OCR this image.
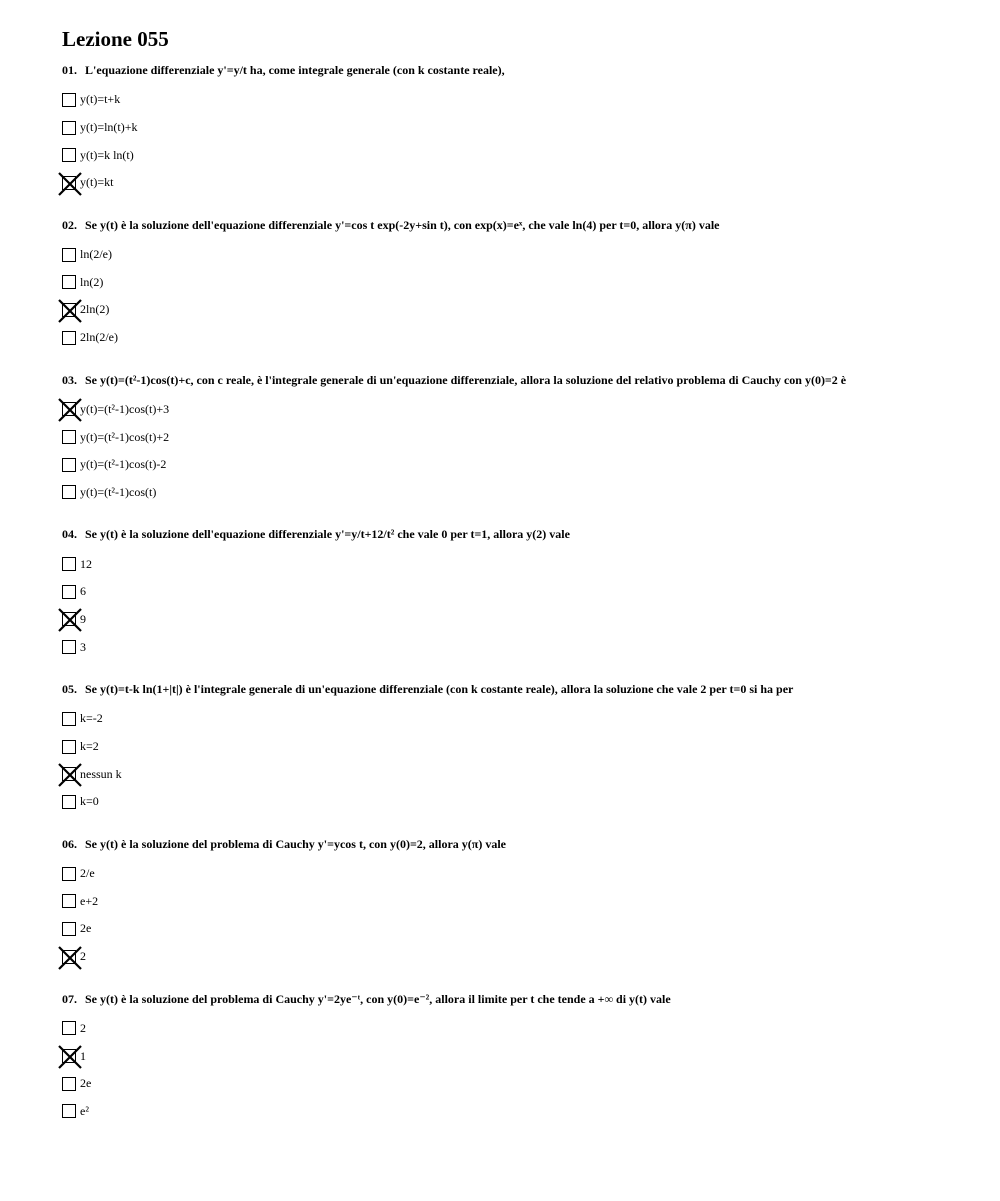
Lezione 055
01. L'equazione differenziale y'=y/t ha, come integrale generale (con k costante reale),
y(t)=t+k
y(t)=ln(t)+k
y(t)=k ln(t)
y(t)=kt
02. Se y(t) è la soluzione dell'equazione differenziale y'=cos t exp(-2y+sin t), con exp(x)=eˣ, che vale ln(4) per t=0, allora y(π) vale
ln(2/e)
ln(2)
2ln(2)
2ln(2/e)
03. Se y(t)=(t²-1)cos(t)+c, con c reale, è l'integrale generale di un'equazione differenziale, allora la soluzione del relativo problema di Cauchy con y(0)=2 è
y(t)=(t²-1)cos(t)+3
y(t)=(t²-1)cos(t)+2
y(t)=(t²-1)cos(t)-2
y(t)=(t²-1)cos(t)
04. Se y(t) è la soluzione dell'equazione differenziale y'=y/t+12/t² che vale 0 per t=1, allora y(2) vale
12
6
9
3
05. Se y(t)=t-k ln(1+|t|) è l'integrale generale di un'equazione differenziale (con k costante reale), allora la soluzione che vale 2 per t=0 si ha per
k=-2
k=2
nessun k
k=0
06. Se y(t) è la soluzione del problema di Cauchy y'=ycos t, con y(0)=2, allora y(π) vale
2/e
e+2
2e
2
07. Se y(t) è la soluzione del problema di Cauchy y'=2ye⁻ᵗ, con y(0)=e⁻², allora il limite per t che tende a +∞ di y(t) vale
2
1
2e
e²
